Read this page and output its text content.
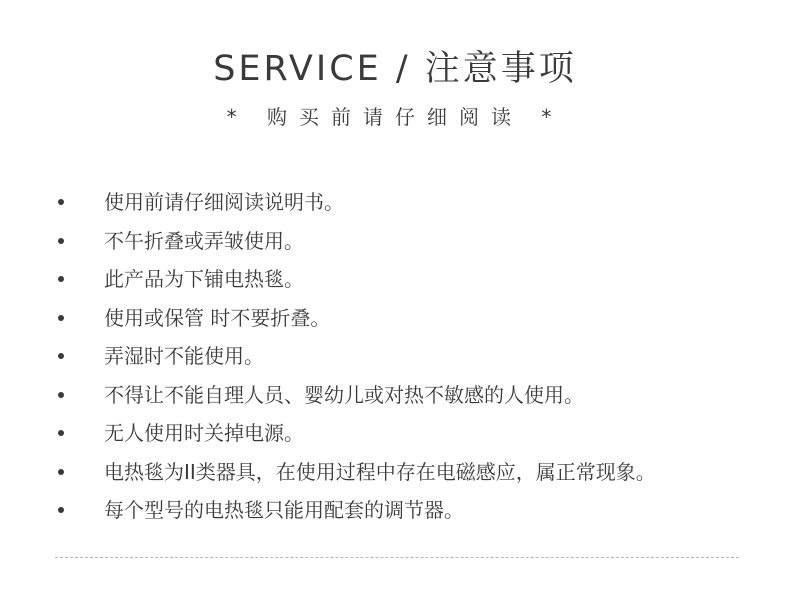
SERVICE / 注意事项
* 购买前请仔细阅读 *
使用前请仔细阅读说明书。
不午折叠或弄皱使用。
此产品为下铺电热毯。
使用或保管 时不要折叠。
弄湿时不能使用。
不得让不能自理人员、婴幼儿或对热不敏感的人使用。
无人使用时关掉电源。
电热毯为II类器具，在使用过程中存在电磁感应，属正常现象。
每个型号的电热毯只能用配套的调节器。
